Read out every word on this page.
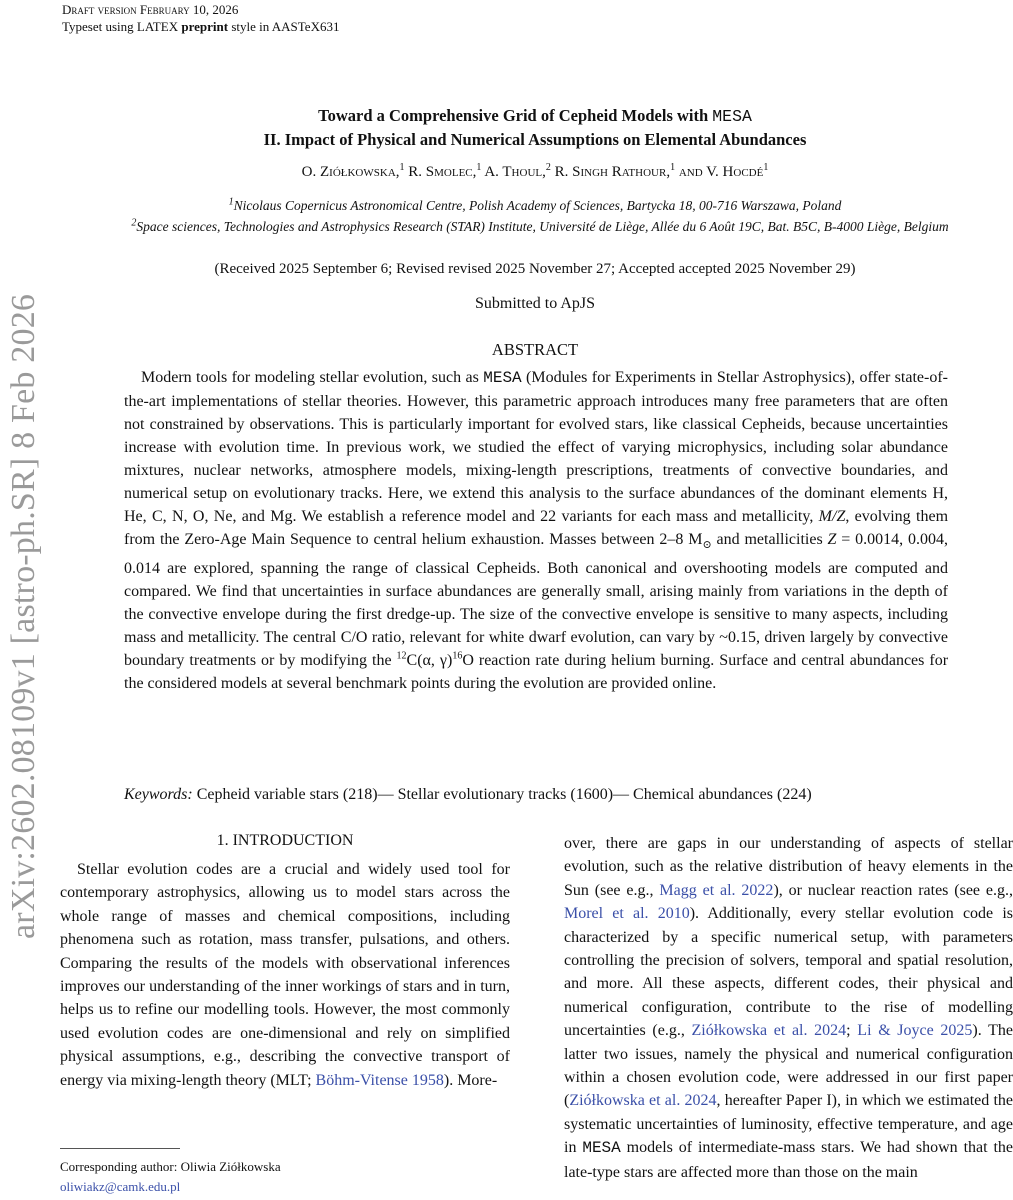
arXiv:2602.08109v1 [astro-ph.SR] 8 Feb 2026
Draft version February 10, 2026
Typeset using LATEX preprint style in AASTeX631
Toward a Comprehensive Grid of Cepheid Models with MESA
II. Impact of Physical and Numerical Assumptions on Elemental Abundances
O. Ziółkowska,$^1$ R. Smolec,$^1$ A. Thoul,$^2$ R. Singh Rathour,$^1$ and V. Hocdé$^1$
$^1$Nicolaus Copernicus Astronomical Centre, Polish Academy of Sciences, Bartycka 18, 00-716 Warszawa, Poland
$^2$Space sciences, Technologies and Astrophysics Research (STAR) Institute, Université de Liège, Allée du 6 Août 19C, Bat. B5C, B-4000 Liège, Belgium
(Received 2025 September 6; Revised revised 2025 November 27; Accepted accepted 2025 November 29)
Submitted to ApJS
ABSTRACT
Modern tools for modeling stellar evolution, such as MESA (Modules for Experiments in Stellar Astrophysics), offer state-of-the-art implementations of stellar theories. However, this parametric approach introduces many free parameters that are often not constrained by observations. This is particularly important for evolved stars, like classical Cepheids, because uncertainties increase with evolution time. In previous work, we studied the effect of varying microphysics, including solar abundance mixtures, nuclear networks, atmosphere models, mixing-length prescriptions, treatments of convective boundaries, and numerical setup on evolutionary tracks. Here, we extend this analysis to the surface abundances of the dominant elements H, He, C, N, O, Ne, and Mg. We establish a reference model and 22 variants for each mass and metallicity, M/Z, evolving them from the Zero-Age Main Sequence to central helium exhaustion. Masses between 2–8 $M_⊙$ and metallicities Z = 0.0014, 0.004, 0.014 are explored, spanning the range of classical Cepheids. Both canonical and overshooting models are computed and compared. We find that uncertainties in surface abundances are generally small, arising mainly from variations in the depth of the convective envelope during the first dredge-up. The size of the convective envelope is sensitive to many aspects, including mass and metallicity. The central C/O ratio, relevant for white dwarf evolution, can vary by ~0.15, driven largely by convective boundary treatments or by modifying the $^{12}$C(α, γ)$^{16}$O reaction rate during helium burning. Surface and central abundances for the considered models at several benchmark points during the evolution are provided online.
Keywords: Cepheid variable stars (218)— Stellar evolutionary tracks (1600)— Chemical abundances (224)
1. INTRODUCTION
Stellar evolution codes are a crucial and widely used tool for contemporary astrophysics, allowing us to model stars across the whole range of masses and chemical compositions, including phenomena such as rotation, mass transfer, pulsations, and others. Comparing the results of the models with observational inferences improves our understanding of the inner workings of stars and in turn, helps us to refine our modelling tools. However, the most commonly used evolution codes are one-dimensional and rely on simplified physical assumptions, e.g., describing the convective transport of energy via mixing-length theory (MLT; Böhm-Vitense 1958). More-
over, there are gaps in our understanding of aspects of stellar evolution, such as the relative distribution of heavy elements in the Sun (see e.g., Magg et al. 2022), or nuclear reaction rates (see e.g., Morel et al. 2010). Additionally, every stellar evolution code is characterized by a specific numerical setup, with parameters controlling the precision of solvers, temporal and spatial resolution, and more. All these aspects, different codes, their physical and numerical configuration, contribute to the rise of modelling uncertainties (e.g., Ziółkowska et al. 2024; Li & Joyce 2025). The latter two issues, namely the physical and numerical configuration within a chosen evolution code, were addressed in our first paper (Ziółkowska et al. 2024, hereafter Paper I), in which we estimated the systematic uncertainties of luminosity, effective temperature, and age in MESA models of intermediate-mass stars. We had shown that the late-type stars are affected more than those on the main
Corresponding author: Oliwia Ziółkowska
oliwiakz@camk.edu.pl
